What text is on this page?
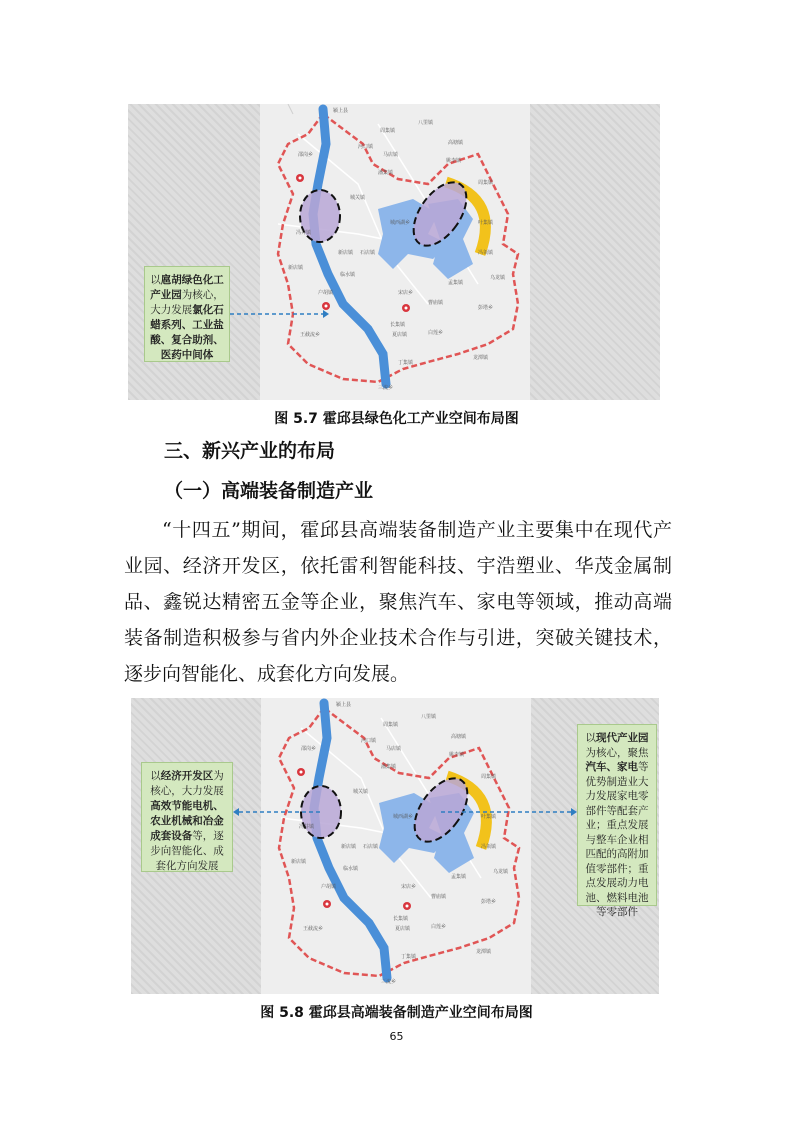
颍上县
周集镇
八里镇
河口镇
邵岗乡	马店镇
高塘镇
城西湖乡
新店镇 石店镇
冯井镇
城关镇
临水镇
户胡镇	宋店乡
曹庙镇
孟集镇
叶集镇
冯瓴镇
三流乡
夏店镇
王截流乡
丁集镇
长集镇
姚李镇
白莲乡
龙潭镇
彭塔乡
乌龙镇
潘集镇
新店镇
周集镇
以扈胡绿色化工产业园为核心，大力发展氯化石蜡系列、工业盐酸、复合助剂、医药中间体
图 5.7 霍邱县绿色化工产业空间布局图
三、新兴产业的布局
（一）高端装备制造产业
“十四五”期间，霍邱县高端装备制造产业主要集中在现代产业园、经济开发区，依托雷利智能科技、宇浩塑业、华茂金属制品、鑫锐达精密五金等企业，聚焦汽车、家电等领域，推动高端装备制造积极参与省内外企业技术合作与引进，突破关键技术，逐步向智能化、成套化方向发展。
颍上县
周集镇
八里镇
河口镇
邵岗乡	马店镇
高塘镇
城西湖乡
新店镇 石店镇
冯井镇
城关镇
临水镇
户胡镇	宋店乡
曹庙镇
孟集镇
叶集镇
冯瓴镇
三流乡
夏店镇
王截流乡
丁集镇
长集镇
姚李镇
白莲乡
龙潭镇
彭塔乡
乌龙镇
潘集镇
新店镇
周集镇
以经济开发区为核心，大力发展高效节能电机、农业机械和冶金成套设备等，逐步向智能化、成套化方向发展
以现代产业园为核心，聚焦汽车、家电等优势制造业大力发展家电零部件等配套产业；重点发展与整车企业相匹配的高附加值零部件；重点发展动力电池、燃料电池等零部件
图 5.8 霍邱县高端装备制造产业空间布局图
65
